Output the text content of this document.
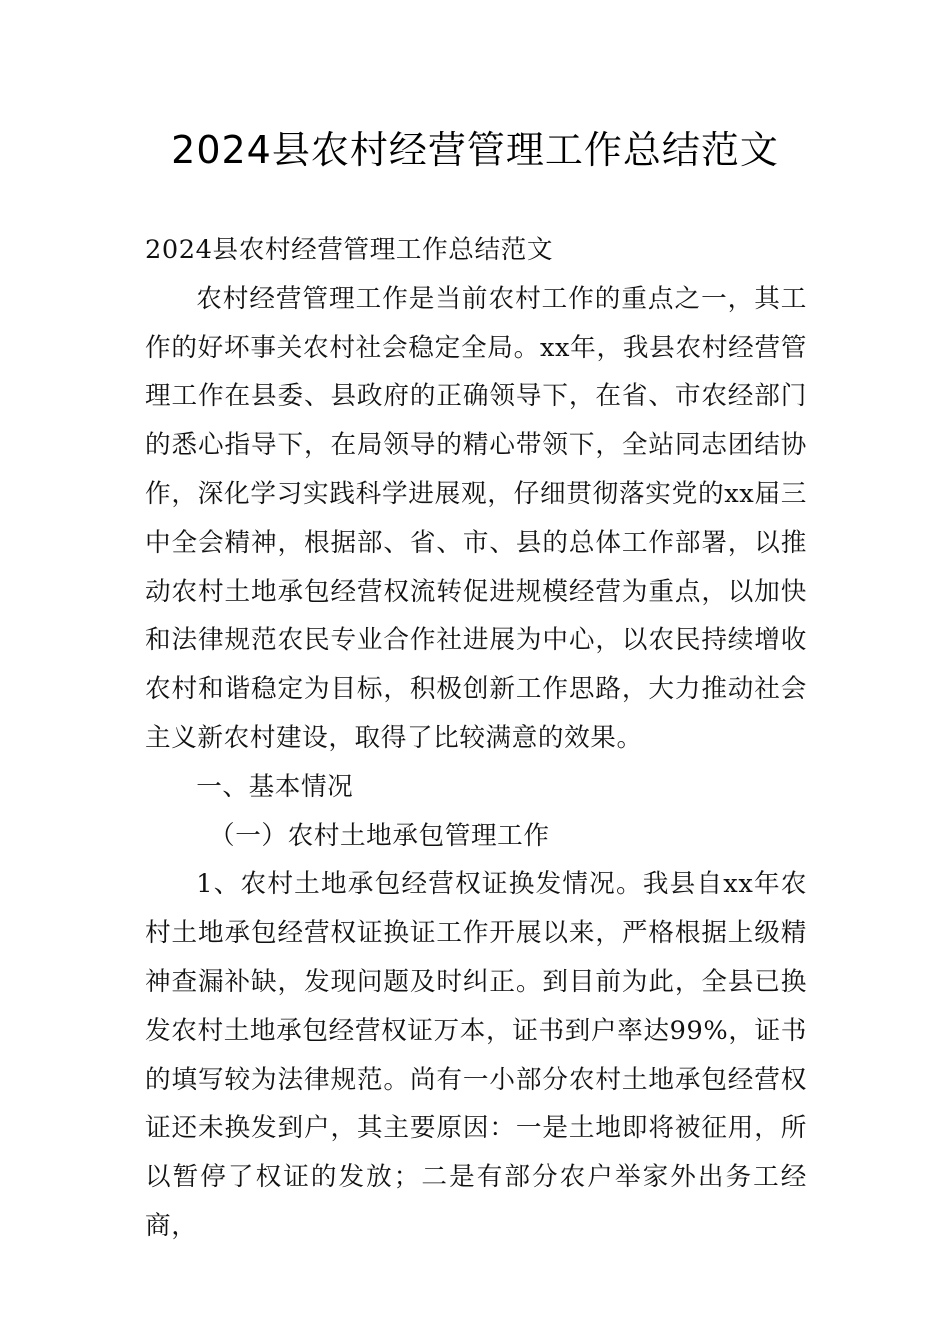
2024县农村经营管理工作总结范文

2024县农村经营管理工作总结范文

农村经营管理工作是当前农村工作的重点之一，其工作的好坏事关农村社会稳定全局。xx年，我县农村经营管理工作在县委、县政府的正确领导下，在省、市农经部门的悉心指导下，在局领导的精心带领下，全站同志团结协作，深化学习实践科学进展观，仔细贯彻落实党的xx届三中全会精神，根据部、省、市、县的总体工作部署，以推动农村土地承包经营权流转促进规模经营为重点，以加快和法律规范农民专业合作社进展为中心，以农民持续增收农村和谐稳定为目标，积极创新工作思路，大力推动社会主义新农村建设，取得了比较满意的效果。

一、基本情况

（一）农村土地承包管理工作

1、农村土地承包经营权证换发情况。我县自xx年农村土地承包经营权证换证工作开展以来，严格根据上级精神查漏补缺，发现问题及时纠正。到目前为此，全县已换发农村土地承包经营权证万本，证书到户率达99%，证书的填写较为法律规范。尚有一小部分农村土地承包经营权证还未换发到户，其主要原因：一是土地即将被征用，所以暂停了权证的发放；二是有部分农户举家外出务工经商，
